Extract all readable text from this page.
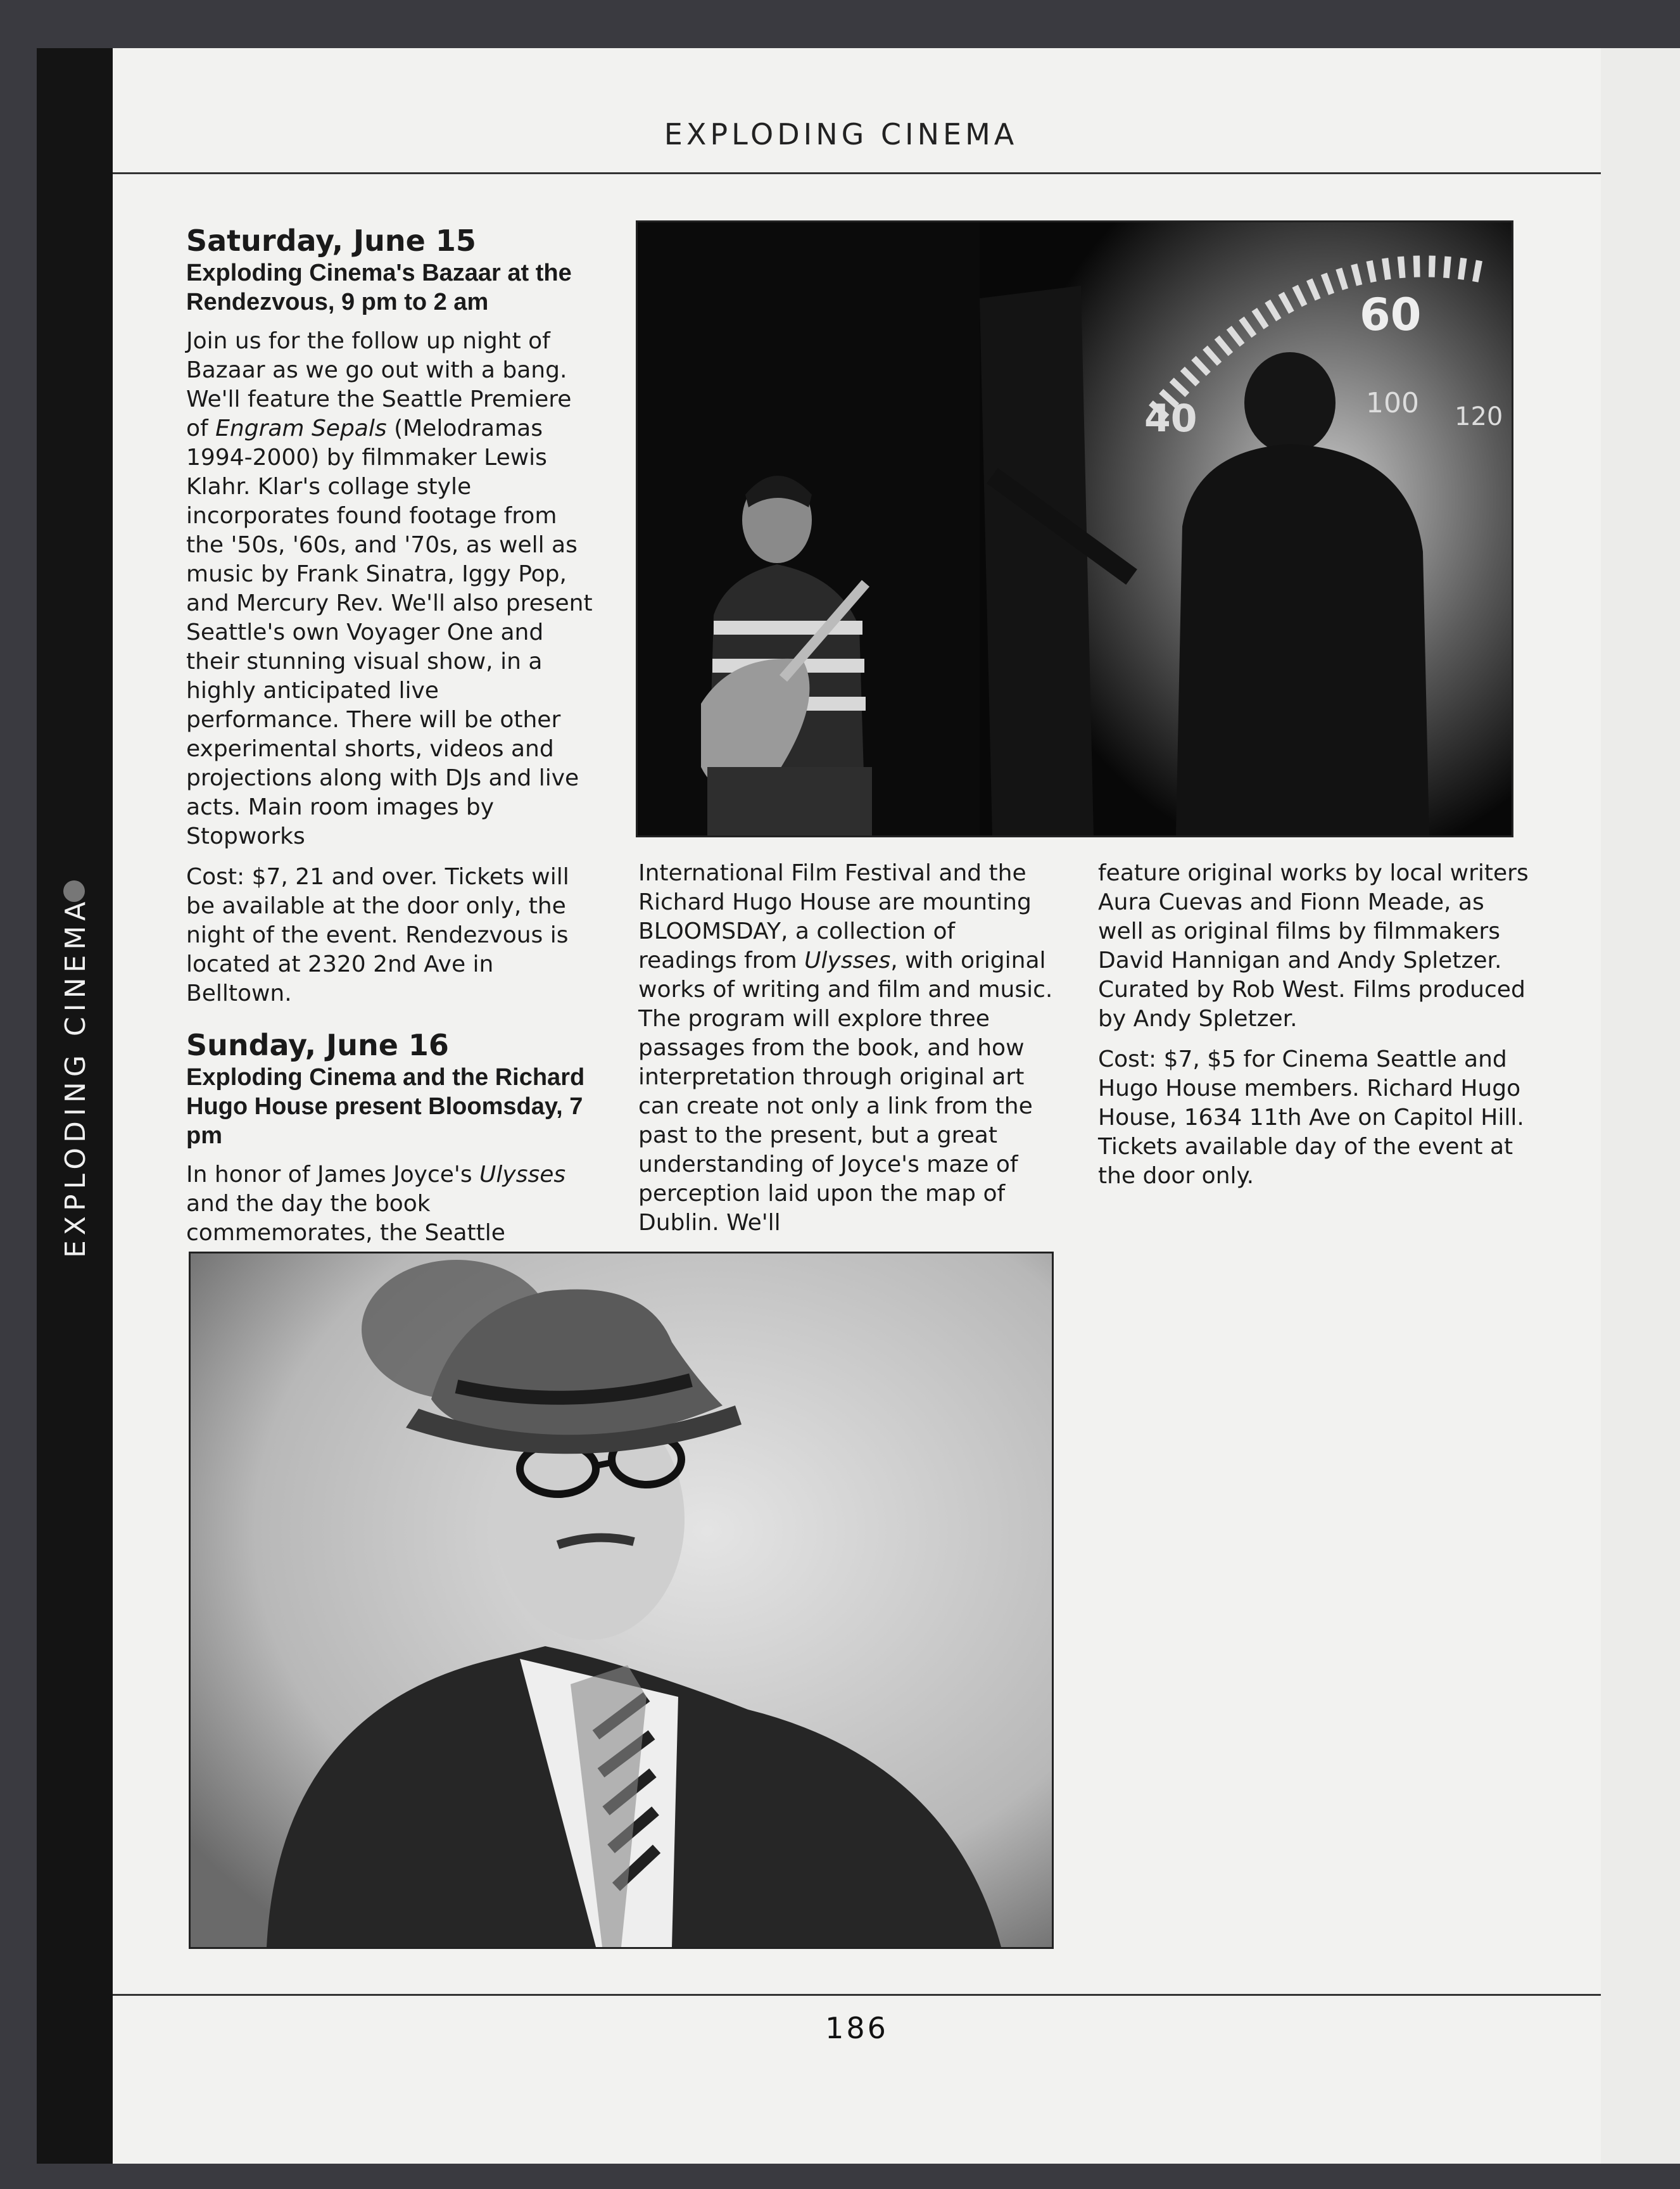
EXPLODING CINEMA
EXPLODING CINEMA
Saturday, June 15
Exploding Cinema's Bazaar at the Rendezvous, 9 pm to 2 am

Join us for the follow up night of Bazaar as we go out with a bang. We'll feature the Seattle Premiere of Engram Sepals (Melodramas 1994-2000) by filmmaker Lewis Klahr. Klar's collage style incorporates found footage from the '50s, '60s, and '70s, as well as music by Frank Sinatra, Iggy Pop, and Mercury Rev. We'll also present Seattle's own Voyager One and their stunning visual show, in a highly anticipated live performance. There will be other experimental shorts, videos and projections along with DJs and live acts. Main room images by Stopworks

Cost: $7, 21 and over. Tickets will be available at the door only, the night of the event. Rendezvous is located at 2320 2nd Ave in Belltown.

Sunday, June 16
Exploding Cinema and the Richard Hugo House present Bloomsday, 7 pm

In honor of James Joyce's Ulysses and the day the book commemorates, the Seattle

International Film Festival and the Richard Hugo House are mounting BLOOMSDAY, a collection of readings from Ulysses, with original works of writing and film and music. The program will explore three passages from the book, and how interpretation through original art can create not only a link from the past to the present, but a great understanding of Joyce's maze of perception laid upon the map of Dublin. We'll

feature original works by local writers Aura Cuevas and Fionn Meade, as well as original films by filmmakers David Hannigan and Andy Spletzer. Curated by Rob West. Films produced by Andy Spletzer.

Cost: $7, $5 for Cinema Seattle and Hugo House members. Richard Hugo House, 1634 11th Ave on Capitol Hill. Tickets available day of the event at the door only.

60
40	100 120
186
